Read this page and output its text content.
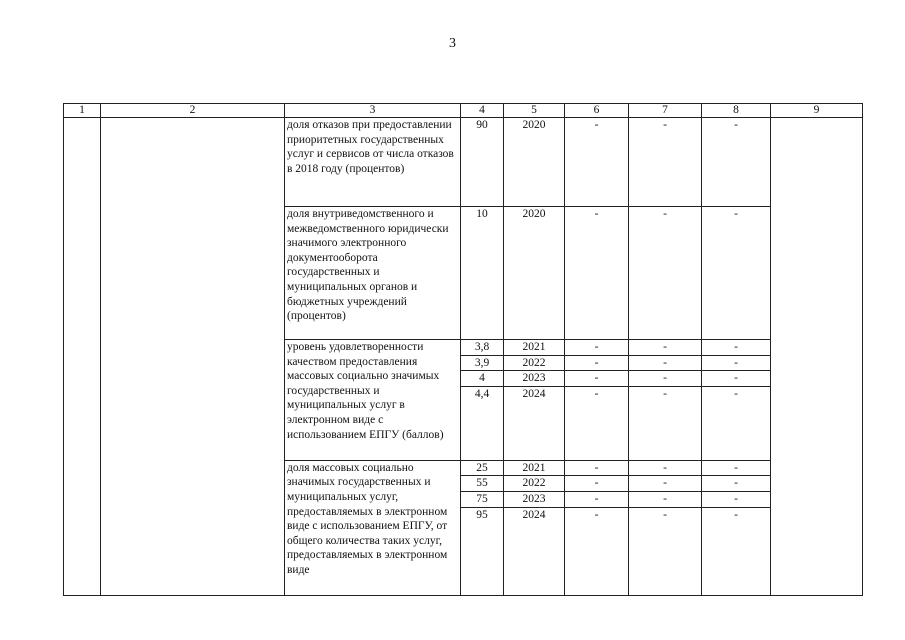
3
1	2	3	4	5	6	7	8	9
		доля отказов при предоставлении приоритетных государственных услуг и сервисов от числа отказов в 2018 году (процентов)	90	2020	-	-	-	
		доля внутриведомственного и межведомственного юридически значимого электронного документооборота государственных и муниципальных органов и бюджетных учреждений (процентов)	10	2020	-	-	-	
		уровень удовлетворенности качеством предоставления массовых социально значимых государственных и муниципальных услуг в электронном виде с использованием ЕПГУ (баллов)	3,8	2021	-	-	-	
			3,9	2022	-	-	-	
			4	2023	-	-	-	
			4,4	2024	-	-	-	
		доля массовых социально значимых государственных и муниципальных услуг, предоставляемых в электронном виде с использованием ЕПГУ, от общего количества таких услуг, предоставляемых в электронном виде	25	2021	-	-	-	
			55	2022	-	-	-	
			75	2023	-	-	-	
			95	2024	-	-	-	
